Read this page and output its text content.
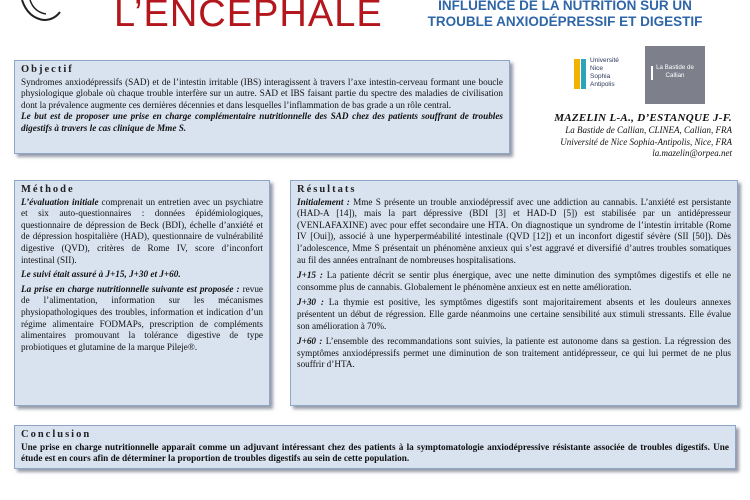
L’ENCEPHALE	INFLUENCE DE LA NUTRITION SUR UN
TROUBLE ANXIODÉPRESSIF ET DIGESTIF
Objectif

Syndromes anxiodépressifs (SAD) et de l’intestin irritable (IBS) interagissent à travers l’axe intestin-cerveau formant une boucle physiologique globale où chaque trouble interfère sur un autre. SAD et IBS faisant partie du spectre des maladies de civilisation dont la prévalence augmente ces dernières décennies et dans lesquelles l’inflammation de bas grade a un rôle central.

Le but est de proposer une prise en charge complémentaire nutritionnelle des SAD chez des patients souffrant de troubles digestifs à travers le cas clinique de Mme S.

Université
Nice
Sophia Antipolis
La Bastide de
Callian
MAZELIN L-A., D’ESTANQUE J-F.
La Bastide de Callian, CLINEA, Callian, FRA
Université de Nice Sophia-Antipolis, Nice, FRA
la.mazelin@orpea.net
Méthode

L’évaluation initiale comprenait un entretien avec un psychiatre et six auto-questionnaires : données épidémiologiques, questionnaire de dépression de Beck (BDI), échelle d’anxiété et de dépression hospitalière (HAD), questionnaire de vulnérabilité digestive (QVD), critères de Rome IV, score d’inconfort intestinal (SII).

Le suivi était assuré à J+15, J+30 et J+60.

La prise en charge nutritionnelle suivante est proposée : revue de l’alimentation, information sur les mécanismes physiopathologiques des troubles, information et indication d’un régime alimentaire FODMAPs, prescription de compléments alimentaires promouvant la tolérance digestive de type probiotiques et glutamine de la marque Pileje®.

Résultats

Initialement : Mme S présente un trouble anxiodépressif avec une addiction au cannabis. L’anxiété est persistante (HAD-A [14]), mais la part dépressive (BDI [3] et HAD-D [5]) est stabilisée par un antidépresseur (VENLAFAXINE) avec pour effet secondaire une HTA. On diagnostique un syndrome de l’intestin irritable (Rome IV [Oui]), associé à une hyperperméabilité intestinale (QVD [12]) et un inconfort digestif sévère (SII [50]). Dès l’adolescence, Mme S présentait un phénomène anxieux qui s’est aggravé et diversifié d’autres troubles somatiques au fil des années entraînant de nombreuses hospitalisations.

J+15 : La patiente décrit se sentir plus énergique, avec une nette diminution des symptômes digestifs et elle ne consomme plus de cannabis. Globalement le phénomène anxieux est en nette amélioration.

J+30 : La thymie est positive, les symptômes digestifs sont majoritairement absents et les douleurs annexes présentent un début de régression. Elle garde néanmoins une certaine sensibilité aux stimuli stressants. Elle évalue son amélioration à 70%.

J+60 : L’ensemble des recommandations sont suivies, la patiente est autonome dans sa gestion. La régression des symptômes anxiodépressifs permet une diminution de son traitement antidépresseur, ce qui lui permet de ne plus souffrir d’HTA.

Conclusion

Une prise en charge nutritionnelle apparaît comme un adjuvant intéressant chez des patients à la symptomatologie anxiodépressive résistante associée de troubles digestifs. Une étude est en cours afin de déterminer la proportion de troubles digestifs au sein de cette population.
